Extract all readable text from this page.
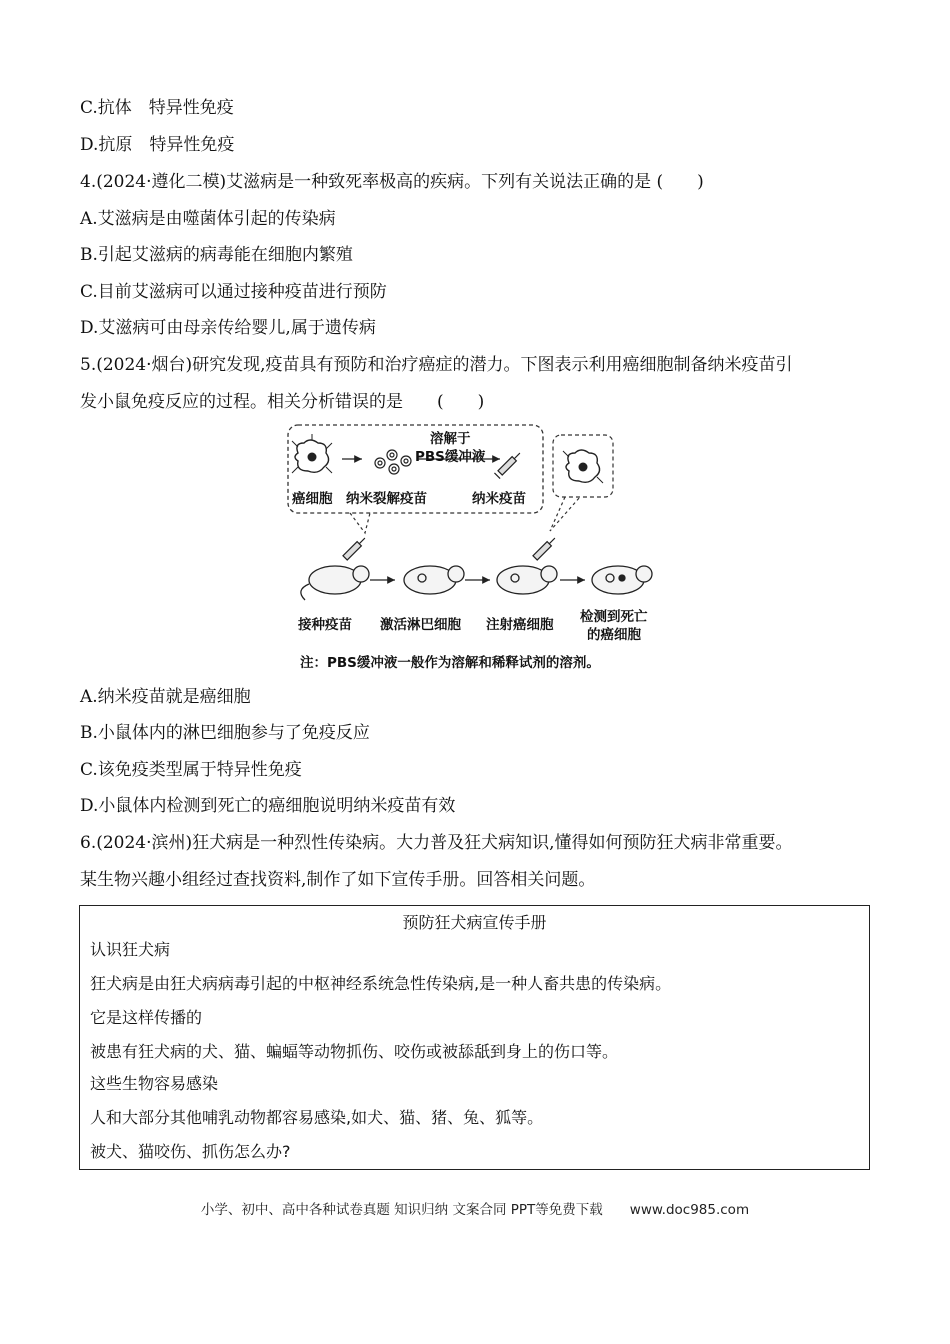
C.抗体　特异性免疫
D.抗原　特异性免疫
4.(2024·遵化二模)艾滋病是一种致死率极高的疾病。下列有关说法正确的是 (　　)
A.艾滋病是由噬菌体引起的传染病
B.引起艾滋病的病毒能在细胞内繁殖
C.目前艾滋病可以通过接种疫苗进行预防
D.艾滋病可由母亲传给婴儿,属于遗传病
5.(2024·烟台)研究发现,疫苗具有预防和治疗癌症的潜力。下图表示利用癌细胞制备纳米疫苗引
发小鼠免疫反应的过程。相关分析错误的是　　(　　)
溶解于
PBS缓冲液
癌细胞 纳米裂解疫苗	纳米疫苗
接种疫苗 激活淋巴细胞 注射癌细胞 检测到死亡
的癌细胞
注：PBS缓冲液一般作为溶解和稀释试剂的溶剂。
A.纳米疫苗就是癌细胞
B.小鼠体内的淋巴细胞参与了免疫反应
C.该免疫类型属于特异性免疫
D.小鼠体内检测到死亡的癌细胞说明纳米疫苗有效
6.(2024·滨州)狂犬病是一种烈性传染病。大力普及狂犬病知识,懂得如何预防狂犬病非常重要。
某生物兴趣小组经过查找资料,制作了如下宣传手册。回答相关问题。
预防狂犬病宣传手册
认识狂犬病
狂犬病是由狂犬病病毒引起的中枢神经系统急性传染病,是一种人畜共患的传染病。
它是这样传播的
被患有狂犬病的犬、猫、蝙蝠等动物抓伤、咬伤或被舔舐到身上的伤口等。
这些生物容易感染
人和大部分其他哺乳动物都容易感染,如犬、猫、猪、兔、狐等。
被犬、猫咬伤、抓伤怎么办?
小学、初中、高中各种试卷真题 知识归纳 文案合同 PPT等免费下载　　www.doc985.com
